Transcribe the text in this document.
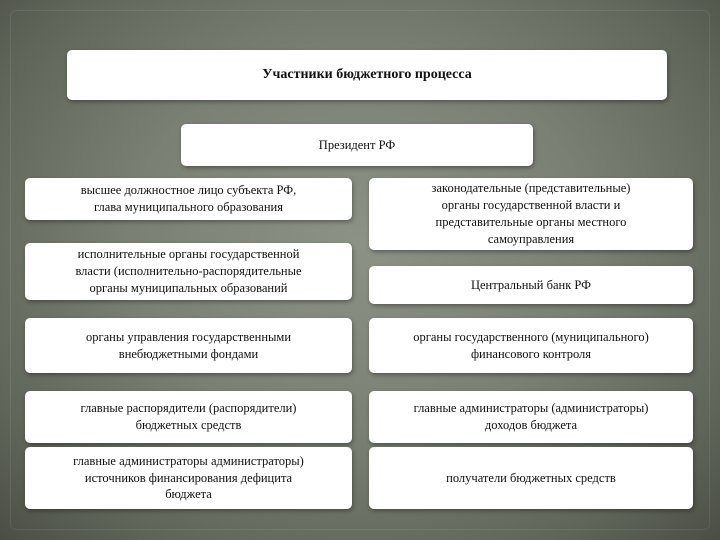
Участники бюджетного процесса
Президент РФ
высшее должностное лицо субъекта РФ,
глава муниципального образования
исполнительные органы государственной
власти (исполнительно-распорядительные
органы муниципальных образований
органы управления государственными
внебюджетными фондами
главные распорядители (распорядители)
бюджетных средств
главные администраторы администраторы)
источников финансирования дефицита
бюджета
законодательные (представительные)
органы государственной власти и
представительные органы местного
самоуправления
Центральный банк РФ
органы государственного (муниципального)
финансового контроля
главные администраторы (администраторы)
доходов бюджета
получатели бюджетных средств
